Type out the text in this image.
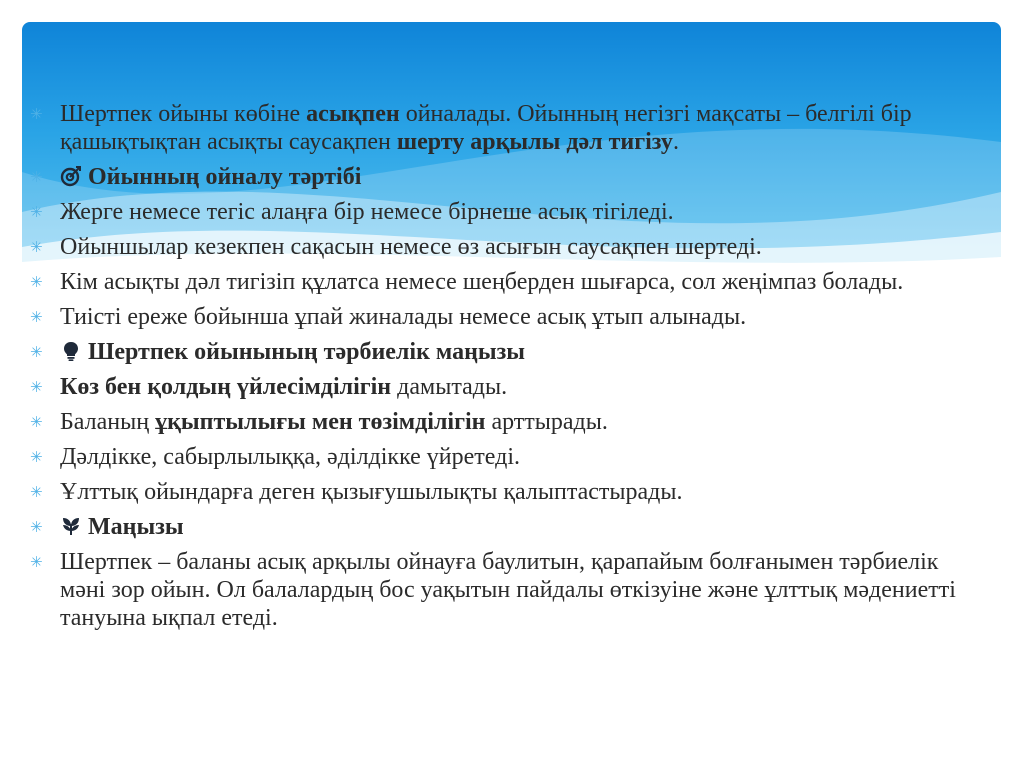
✳ Шертпек ойыны көбіне асықпен ойналады. Ойынның негізгі мақсаты – белгілі бір қашықтықтан асықты саусақпен шерту арқылы дәл тигізу.
✳ Ойынның ойналу тәртібі
✳ Жерге немесе тегіс алаңға бір немесе бірнеше асық тігіледі.
✳ Ойыншылар кезекпен сақасын немесе өз асығын саусақпен шертеді.
✳ Кім асықты дәл тигізіп құлатса немесе шеңберден шығарса, сол жеңімпаз болады.
✳ Тиісті ереже бойынша ұпай жиналады немесе асық ұтып алынады.
✳ Шертпек ойынының тәрбиелік маңызы
✳ Көз бен қолдың үйлесімділігін дамытады.
✳ Баланың ұқыптылығы мен төзімділігін арттырады.
✳ Дәлдікке, сабырлылыққа, әділдікке үйретеді.
✳ Ұлттық ойындарға деген қызығушылықты қалыптастырады.
✳ Маңызы
✳ Шертпек – баланы асық арқылы ойнауға баулитын, қарапайым болғанымен тәрбиелік мәні зор ойын. Ол балалардың бос уақытын пайдалы өткізуіне және ұлттық мәдениетті тануына ықпал етеді.
